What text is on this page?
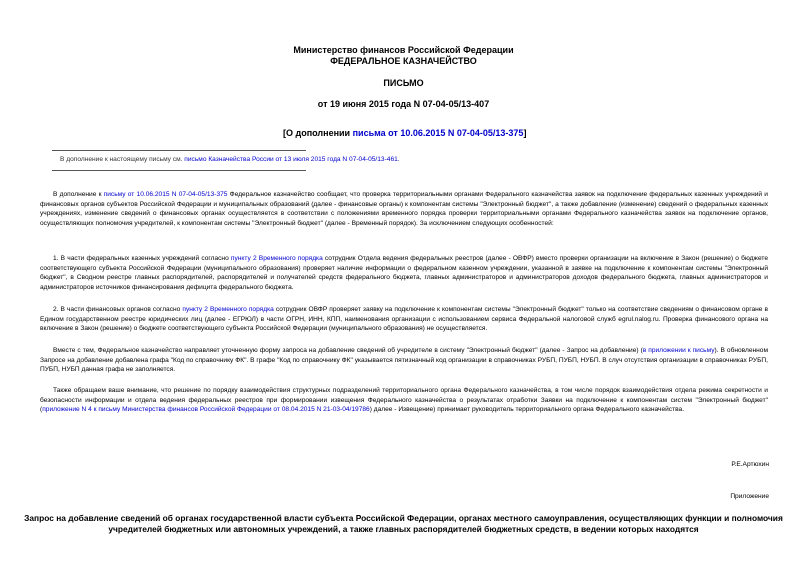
Министерство финансов Российской Федерации
ФЕДЕРАЛЬНОЕ КАЗНАЧЕЙСТВО
ПИСЬМО
от 19 июня 2015 года N 07-04-05/13-407
[О дополнении письма от 10.06.2015 N 07-04-05/13-375]
В дополнение к настоящему письму см. письмо Казначейства России от 13 июля 2015 года N 07-04-05/13-461.
В дополнение к письму от 10.06.2015 N 07-04-05/13-375 Федеральное казначейство сообщает, что проверка территориальными органами Федерального казначейства заявок на подключение федеральных казенных учреждений и финансовых органов субъектов Российской Федерации и муниципальных образований (далее - финансовые органы) к компонентам системы "Электронный бюджет", а также добавление (изменение) сведений о федеральных казенных учреждениях, изменение сведений о финансовых органах осуществляется в соответствии с положениями временного порядка проверки территориальными органами Федерального казначейства заявок на подключение органов, осуществляющих полномочия учредителей, к компонентам системы "Электронный бюджет" (далее - Временный порядок). За исключением следующих особенностей:
1. В части федеральных казенных учреждений согласно пункту 2 Временного порядка сотрудник Отдела ведения федеральных реестров (далее - ОВФР) вместо проверки организации на включение в Закон (решение) о бюджете соответствующего субъекта Российской Федерации (муниципального образования) проверяет наличие информации о федеральном казенном учреждении, указанной в заявке на подключение к компонентам системы "Электронный бюджет", в Сводном реестре главных распорядителей, распорядителей и получателей средств федерального бюджета, главных администраторов и администраторов доходов федерального бюджета, главных администраторов и администраторов источников финансирования дефицита федерального бюджета.
2. В части финансовых органов согласно пункту 2 Временного порядка сотрудник ОВФР проверяет заявку на подключение к компонентам системы "Электронный бюджет" только на соответствие сведениям о финансовом органе в Едином государственном реестре юридических лиц (далее - ЕГРЮЛ) в части ОГРН, ИНН, КПП, наименования организации с использованием сервиса Федеральной налоговой служб egrul.nalog.ru. Проверка финансового органа на включение в Закон (решение) о бюджете соответствующего субъекта Российской Федерации (муниципального образования) не осуществляется.
Вместе с тем, Федеральное казначейство направляет уточненную форму запроса на добавление сведений об учредителе в систему "Электронный бюджет" (далее - Запрос на добавление) (в приложении к письму). В обновленном Запросе на добавление добавлена графа "Код по справочнику ФК". В графе "Код по справочнику ФК" указывается пятизначный код организации в справочниках РУБП, ПУБП, НУБП. В случ отсутствия организации в справочниках РУБП, ПУБП, НУБП данная графа не заполняется.
Также обращаем ваше внимание, что решение по порядку взаимодействия структурных подразделений территориального органа Федерального казначейства, в том числе порядок взаимодействия отдела режима секретности и безопасности информации и отдела ведения федеральных реестров при формировании извещения Федерального казначейства о результатах отработки Заявки на подключение к компонентам систем "Электронный бюджет" (приложение N 4 к письму Министерства финансов Российской Федерации от 08.04.2015 N 21-03-04/19786) далее - Извещение) принимает руководитель территориального органа Федерального казначейства.
Р.Е.Артюхин
Приложение
Запрос на добавление сведений об органах государственной власти субъекта Российской Федерации, органах местного самоуправления, осуществляющих функции и полномочия учредителей бюджетных или автономных учреждений, а также главных распорядителей бюджетных средств, в ведении которых находятся
